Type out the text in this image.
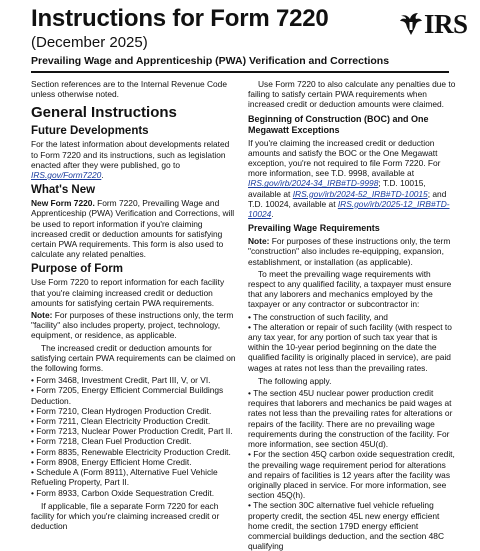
Instructions for Form 7220
(December 2025)
Prevailing Wage and Apprenticeship (PWA) Verification and Corrections
IRS

Section references are to the Internal Revenue Code unless otherwise noted.

General Instructions
Future Developments

For the latest information about developments related to Form 7220 and its instructions, such as legislation enacted after they were published, go to IRS.gov/Form7220.

What's New

New Form 7220. Form 7220, Prevailing Wage and Apprenticeship (PWA) Verification and Corrections, will be used to report information if you're claiming increased credit or deduction amounts for satisfying certain PWA requirements. This form is also used to calculate any related penalties.

Purpose of Form

Use Form 7220 to report information for each facility that you're claiming increased credit or deduction amounts for satisfying certain PWA requirements.

Note: For purposes of these instructions only, the term "facility" also includes property, project, technology, equipment, or residence, as applicable.

The increased credit or deduction amounts for satisfying certain PWA requirements can be claimed on the following forms.

• Form 3468, Investment Credit, Part III, V, or VI.
• Form 7205, Energy Efficient Commercial Buildings Deduction.
• Form 7210, Clean Hydrogen Production Credit.
• Form 7211, Clean Electricity Production Credit.
• Form 7213, Nuclear Power Production Credit, Part II.
• Form 7218, Clean Fuel Production Credit.
• Form 8835, Renewable Electricity Production Credit.
• Form 8908, Energy Efficient Home Credit.
• Schedule A (Form 8911), Alternative Fuel Vehicle Refueling Property, Part II.
• Form 8933, Carbon Oxide Sequestration Credit.

If applicable, file a separate Form 7220 for each facility for which you're claiming increased credit or deduction

Use Form 7220 to also calculate any penalties due to failing to satisfy certain PWA requirements when increased credit or deduction amounts were claimed.

Beginning of Construction (BOC) and One Megawatt Exceptions

If you're claiming the increased credit or deduction amounts and satisfy the BOC or the One Megawatt exception, you're not required to file Form 7220. For more information, see T.D. 9998, available at IRS.gov/irb/2024-34_IRB#TD-9998; T.D. 10015, available at IRS.gov/irb/2024-52_IRB#TD-10015; and T.D. 10024, available at IRS.gov/irb/2025-12_IRB#TD-10024.

Prevailing Wage Requirements

Note: For purposes of these instructions only, the term "construction" also includes re-equipping, expansion, establishment, or installation (as applicable).

To meet the prevailing wage requirements with respect to any qualified facility, a taxpayer must ensure that any laborers and mechanics employed by the taxpayer or any contractor or subcontractor in:

• The construction of such facility, and
• The alteration or repair of such facility (with respect to any tax year, for any portion of such tax year that is within the 10-year period beginning on the date the qualified facility is originally placed in service), are paid wages at rates not less than the prevailing rates.

The following apply.

• The section 45U nuclear power production credit requires that laborers and mechanics be paid wages at rates not less than the prevailing rates for alterations or repairs of the facility. There are no prevailing wage requirements during the construction of the facility. For more information, see section 45U(d).
• For the section 45Q carbon oxide sequestration credit, the prevailing wage requirement period for alterations and repairs of facilities is 12 years after the facility was originally placed in service. For more information, see section 45Q(h).
• The section 30C alternative fuel vehicle refueling property credit, the section 45L new energy efficient home credit, the section 179D energy efficient commercial buildings deduction, and the section 48C qualifying
